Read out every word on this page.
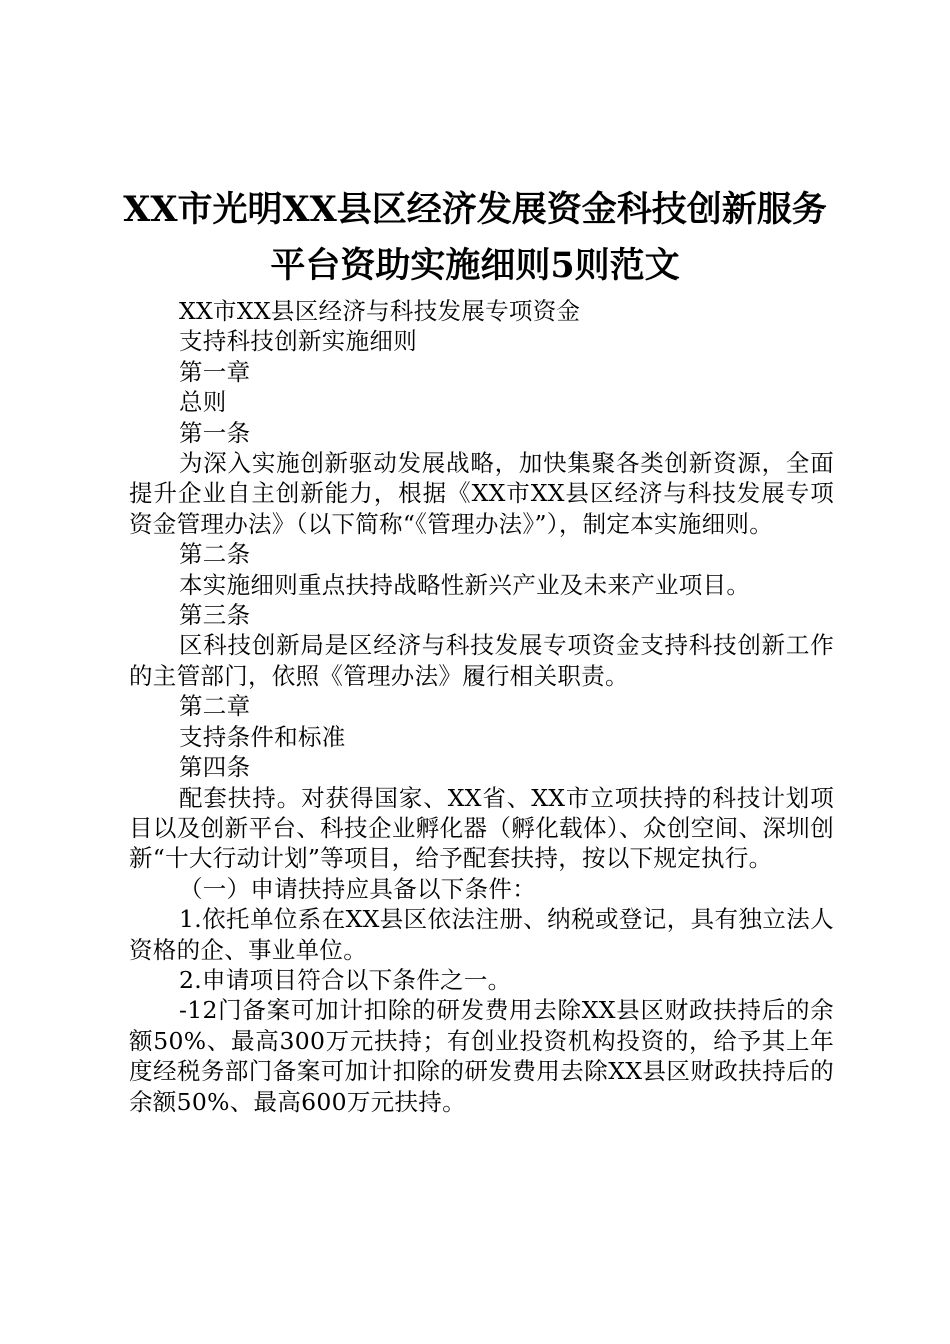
XX市光明XX县区经济发展资金科技创新服务
平台资助实施细则5则范文

XX市XX县区经济与科技发展专项资金

支持科技创新实施细则

第一章

总则

第一条

为深入实施创新驱动发展战略，加快集聚各类创新资源，全面提升企业自主创新能力，根据《XX市XX县区经济与科技发展专项资金管理办法》（以下简称“《管理办法》”），制定本实施细则。

第二条

本实施细则重点扶持战略性新兴产业及未来产业项目。

第三条

区科技创新局是区经济与科技发展专项资金支持科技创新工作的主管部门，依照《管理办法》履行相关职责。

第二章

支持条件和标准

第四条

配套扶持。对获得国家、XX省、XX市立项扶持的科技计划项目以及创新平台、科技企业孵化器（孵化载体）、众创空间、深圳创新“十大行动计划”等项目，给予配套扶持，按以下规定执行。

（一）申请扶持应具备以下条件：

1.依托单位系在XX县区依法注册、纳税或登记，具有独立法人资格的企、事业单位。

2.申请项目符合以下条件之一。

-12门备案可加计扣除的研发费用去除XX县区财政扶持后的余额50%、最高300万元扶持；有创业投资机构投资的，给予其上年度经税务部门备案可加计扣除的研发费用去除XX县区财政扶持后的余额50%、最高600万元扶持。
